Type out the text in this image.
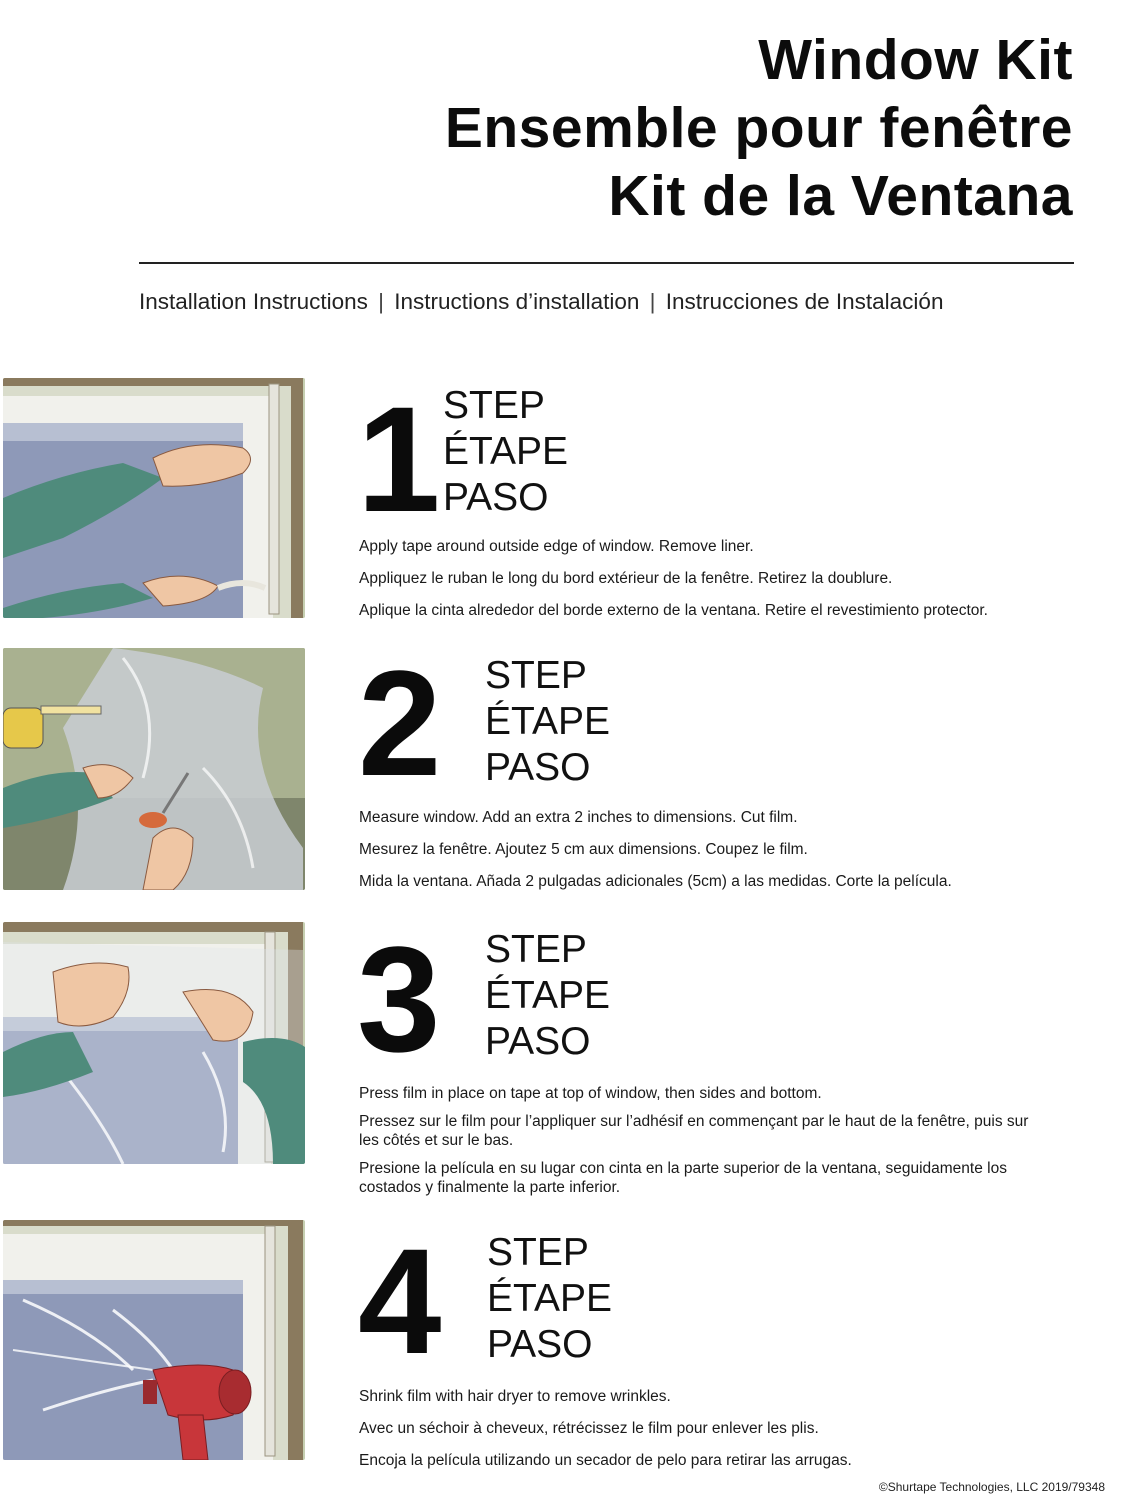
Window Kit
Ensemble pour fenêtre
Kit de la Ventana
Installation Instructions | Instructions d’installation | Instrucciones de Instalación
1 STEP
ÉTAPE
PASO

Apply tape around outside edge of window. Remove liner.

Appliquez le ruban le long du bord extérieur de la fenêtre. Retirez la doublure.

Aplique la cinta alrededor del borde externo de la ventana. Retire el revestimiento protector.

2 STEP
ÉTAPE
PASO

Measure window. Add an extra 2 inches to dimensions. Cut film.

Mesurez la fenêtre. Ajoutez 5 cm aux dimensions. Coupez le film.

Mida la ventana. Añada 2 pulgadas adicionales (5cm) a las medidas. Corte la película.

3 STEP
ÉTAPE
PASO

Press film in place on tape at top of window, then sides and bottom.

Pressez sur le film pour l’appliquer sur l’adhésif en commençant par le haut de la fenêtre, puis sur les côtés et sur le bas.

Presione la película en su lugar con cinta en la parte superior de la ventana, seguidamente los costados y finalmente la parte inferior.

4 STEP
ÉTAPE
PASO

Shrink film with hair dryer to remove wrinkles.

Avec un séchoir à cheveux, rétrécissez le film pour enlever les plis.

Encoja la película utilizando un secador de pelo para retirar las arrugas.

©Shurtape Technologies, LLC 2019/79348
